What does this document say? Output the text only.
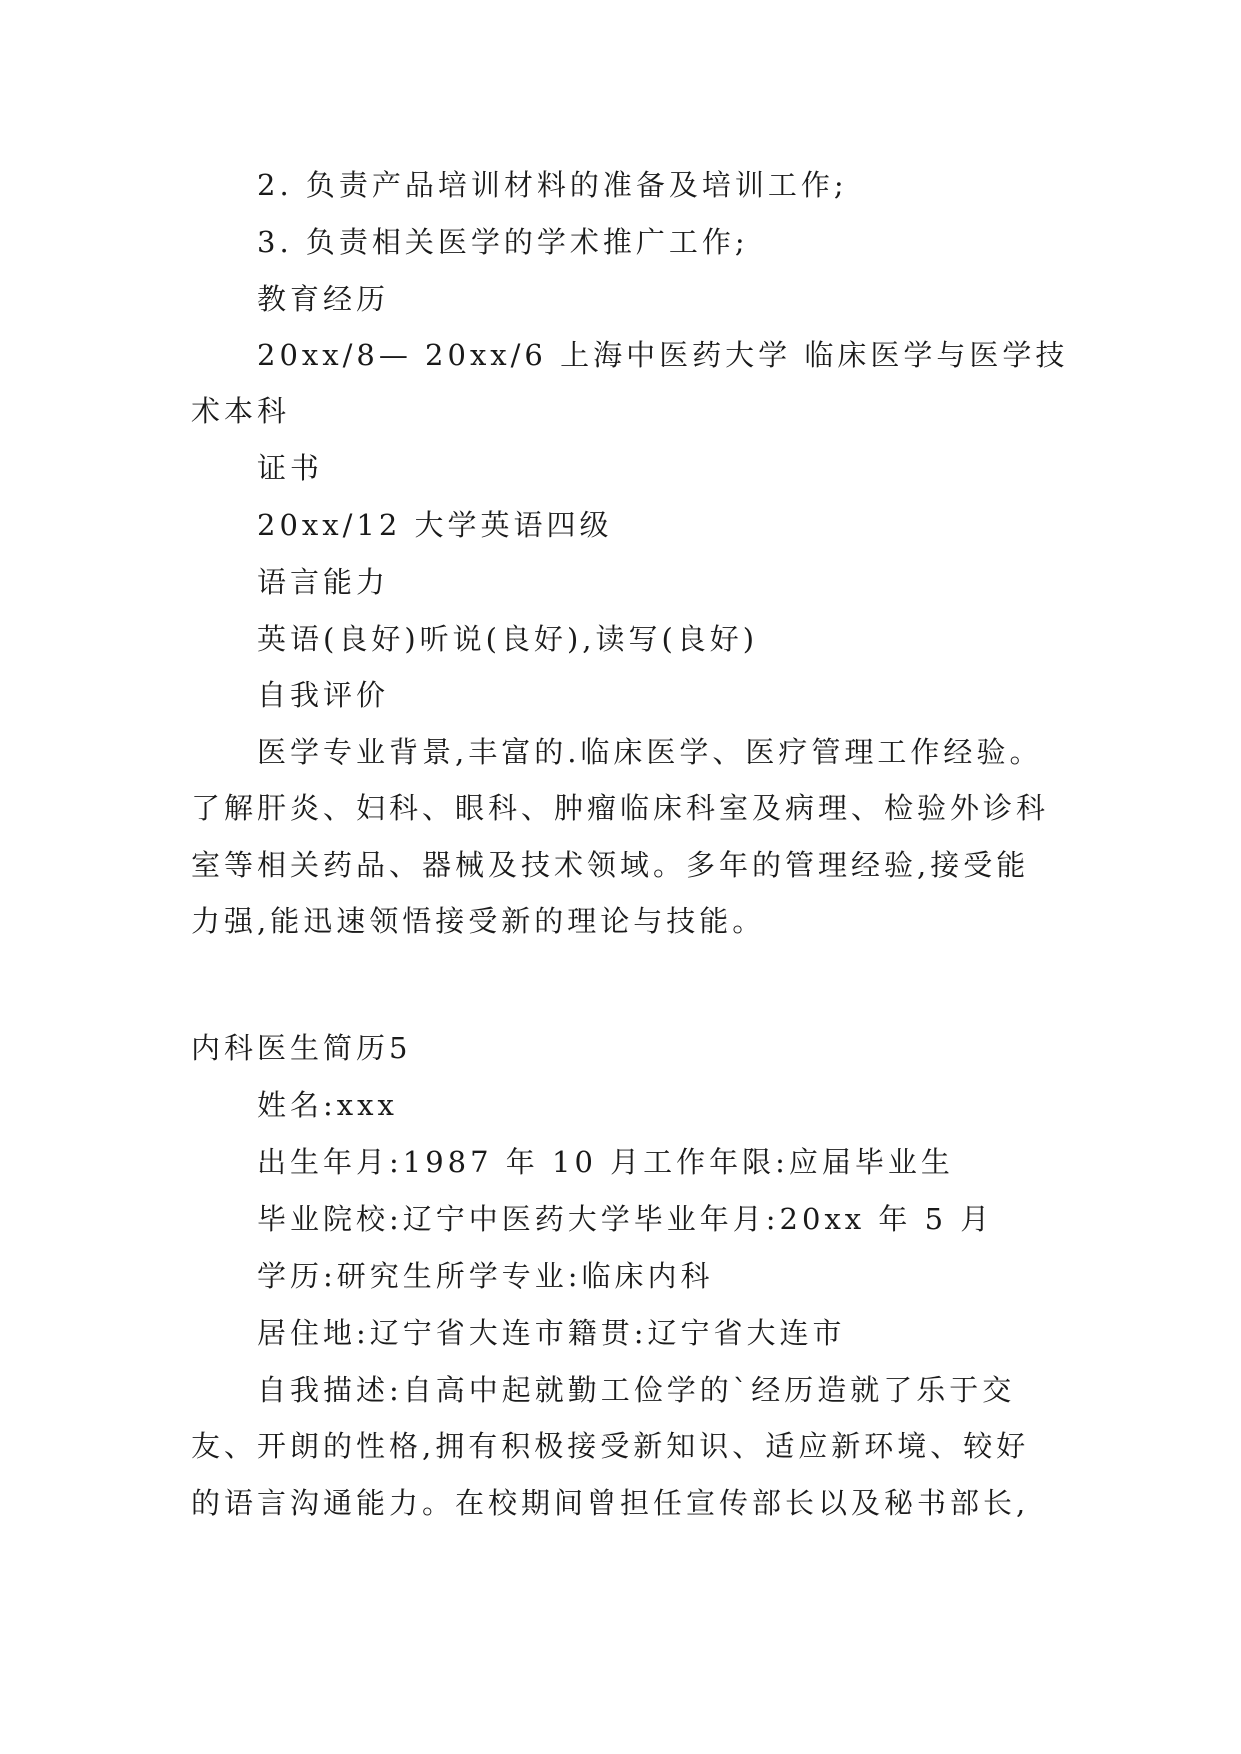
2. 负责产品培训材料的准备及培训工作;
3. 负责相关医学的学术推广工作;
教育经历
20xx/8— 20xx/6 上海中医药大学 临床医学与医学技
术本科
证书
20xx/12 大学英语四级
语言能力
英语(良好)听说(良好),读写(良好)
自我评价
医学专业背景,丰富的.临床医学、医疗管理工作经验。
了解肝炎、妇科、眼科、肿瘤临床科室及病理、检验外诊科
室等相关药品、器械及技术领域。多年的管理经验,接受能
力强,能迅速领悟接受新的理论与技能。
内科医生简历5
姓名:xxx
出生年月:1987 年 10 月工作年限:应届毕业生
毕业院校:辽宁中医药大学毕业年月:20xx 年 5 月
学历:研究生所学专业:临床内科
居住地:辽宁省大连市籍贯:辽宁省大连市
自我描述:自高中起就勤工俭学的`经历造就了乐于交
友、开朗的性格,拥有积极接受新知识、适应新环境、较好
的语言沟通能力。在校期间曾担任宣传部长以及秘书部长,
